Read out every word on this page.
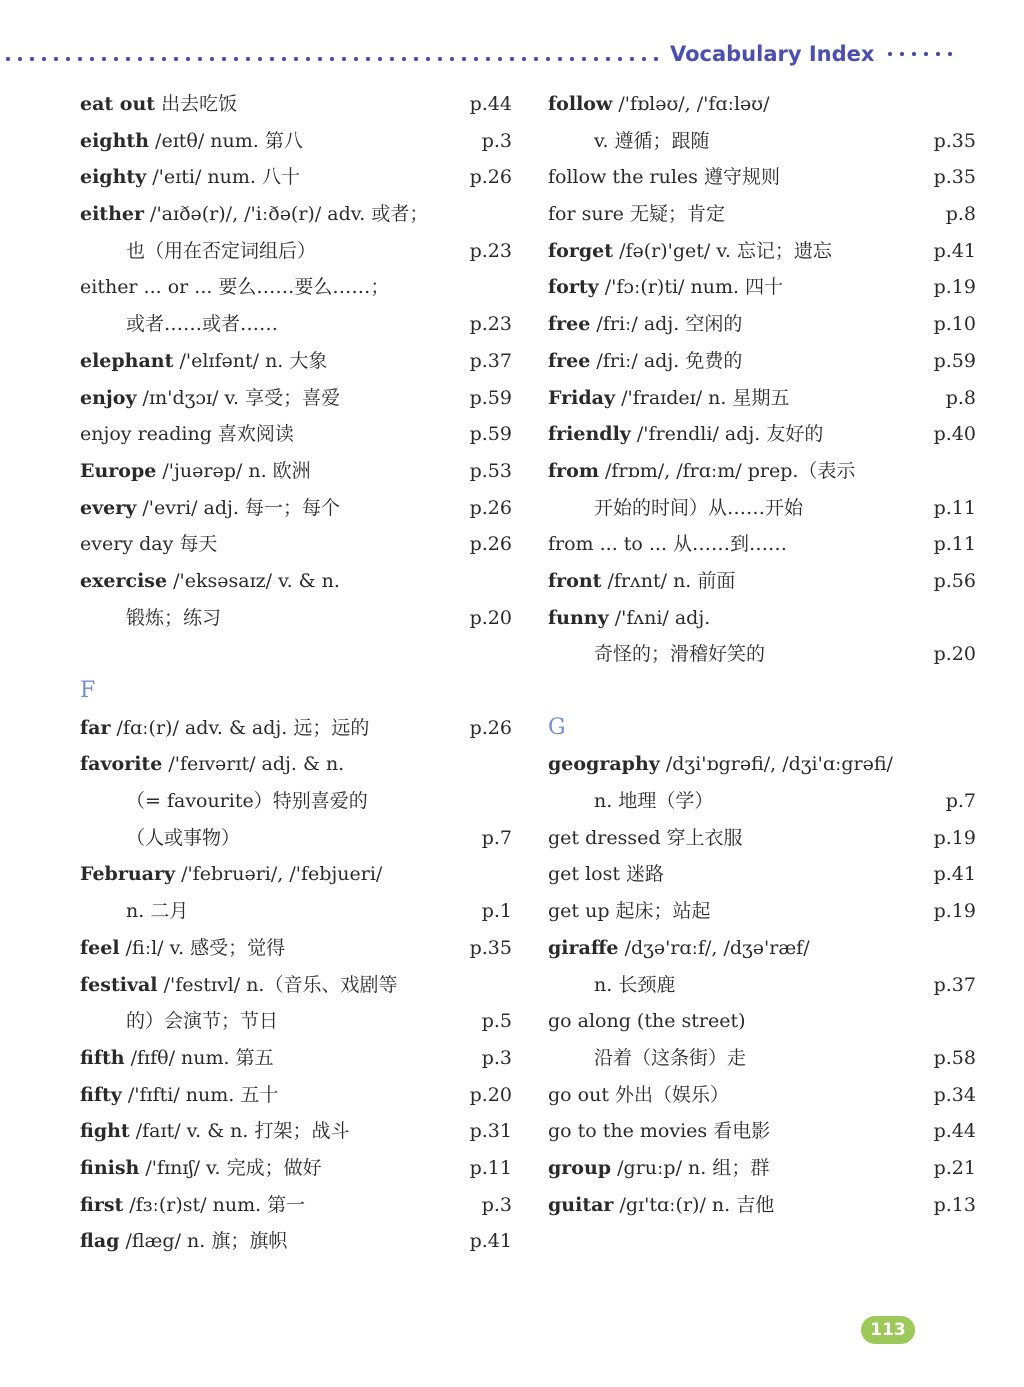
Vocabulary Index
eat out 出去吃饭	p.44
eighth /eɪtθ/ num. 第八	p.3
eighty /'eɪti/ num. 八十	p.26
either /'aɪðə(r)/, /'iːðə(r)/ adv. 或者；
也（用在否定词组后）	p.23
either ... or ... 要么……要么……；
或者……或者……	p.23
elephant /'elɪfənt/ n. 大象	p.37
enjoy /ɪn'dʒɔɪ/ v. 享受；喜爱	p.59
enjoy reading 喜欢阅读	p.59
Europe /'juərəp/ n. 欧洲	p.53
every /'evri/ adj. 每一；每个	p.26
every day 每天	p.26
exercise /'eksəsaɪz/ v. & n.
锻炼；练习	p.20
F
far /fɑː(r)/ adv. & adj. 远；远的	p.26
favorite /'feɪvərɪt/ adj. & n.
（= favourite）特别喜爱的
（人或事物）	p.7
February /'februəri/, /'febjueri/
n. 二月	p.1
feel /fiːl/ v. 感受；觉得	p.35
festival /'festɪvl/ n.（音乐、戏剧等
的）会演节；节日	p.5
fifth /fɪfθ/ num. 第五	p.3
fifty /'fɪfti/ num. 五十	p.20
fight /faɪt/ v. & n. 打架；战斗	p.31
finish /'fɪnɪʃ/ v. 完成；做好	p.11
first /fɜː(r)st/ num. 第一	p.3
flag /flæg/ n. 旗；旗帜	p.41
follow /'fɒləʊ/, /'fɑːləʊ/
v. 遵循；跟随	p.35
follow the rules 遵守规则	p.35
for sure 无疑；肯定	p.8
forget /fə(r)'get/ v. 忘记；遗忘	p.41
forty /'fɔː(r)ti/ num. 四十	p.19
free /friː/ adj. 空闲的	p.10
free /friː/ adj. 免费的	p.59
Friday /'fraɪdeɪ/ n. 星期五	p.8
friendly /'frendli/ adj. 友好的	p.40
from /frɒm/, /frɑːm/ prep.（表示
开始的时间）从……开始	p.11
from ... to ... 从……到……	p.11
front /frʌnt/ n. 前面	p.56
funny /'fʌni/ adj.
奇怪的；滑稽好笑的	p.20
G
geography /dʒi'ɒgrəfi/, /dʒi'ɑːgrəfi/
n. 地理（学）	p.7
get dressed 穿上衣服	p.19
get lost 迷路	p.41
get up 起床；站起	p.19
giraffe /dʒə'rɑːf/, /dʒə'ræf/
n. 长颈鹿	p.37
go along (the street)
沿着（这条街）走	p.58
go out 外出（娱乐）	p.34
go to the movies 看电影	p.44
group /gruːp/ n. 组；群	p.21
guitar /gɪ'tɑː(r)/ n. 吉他	p.13
113
